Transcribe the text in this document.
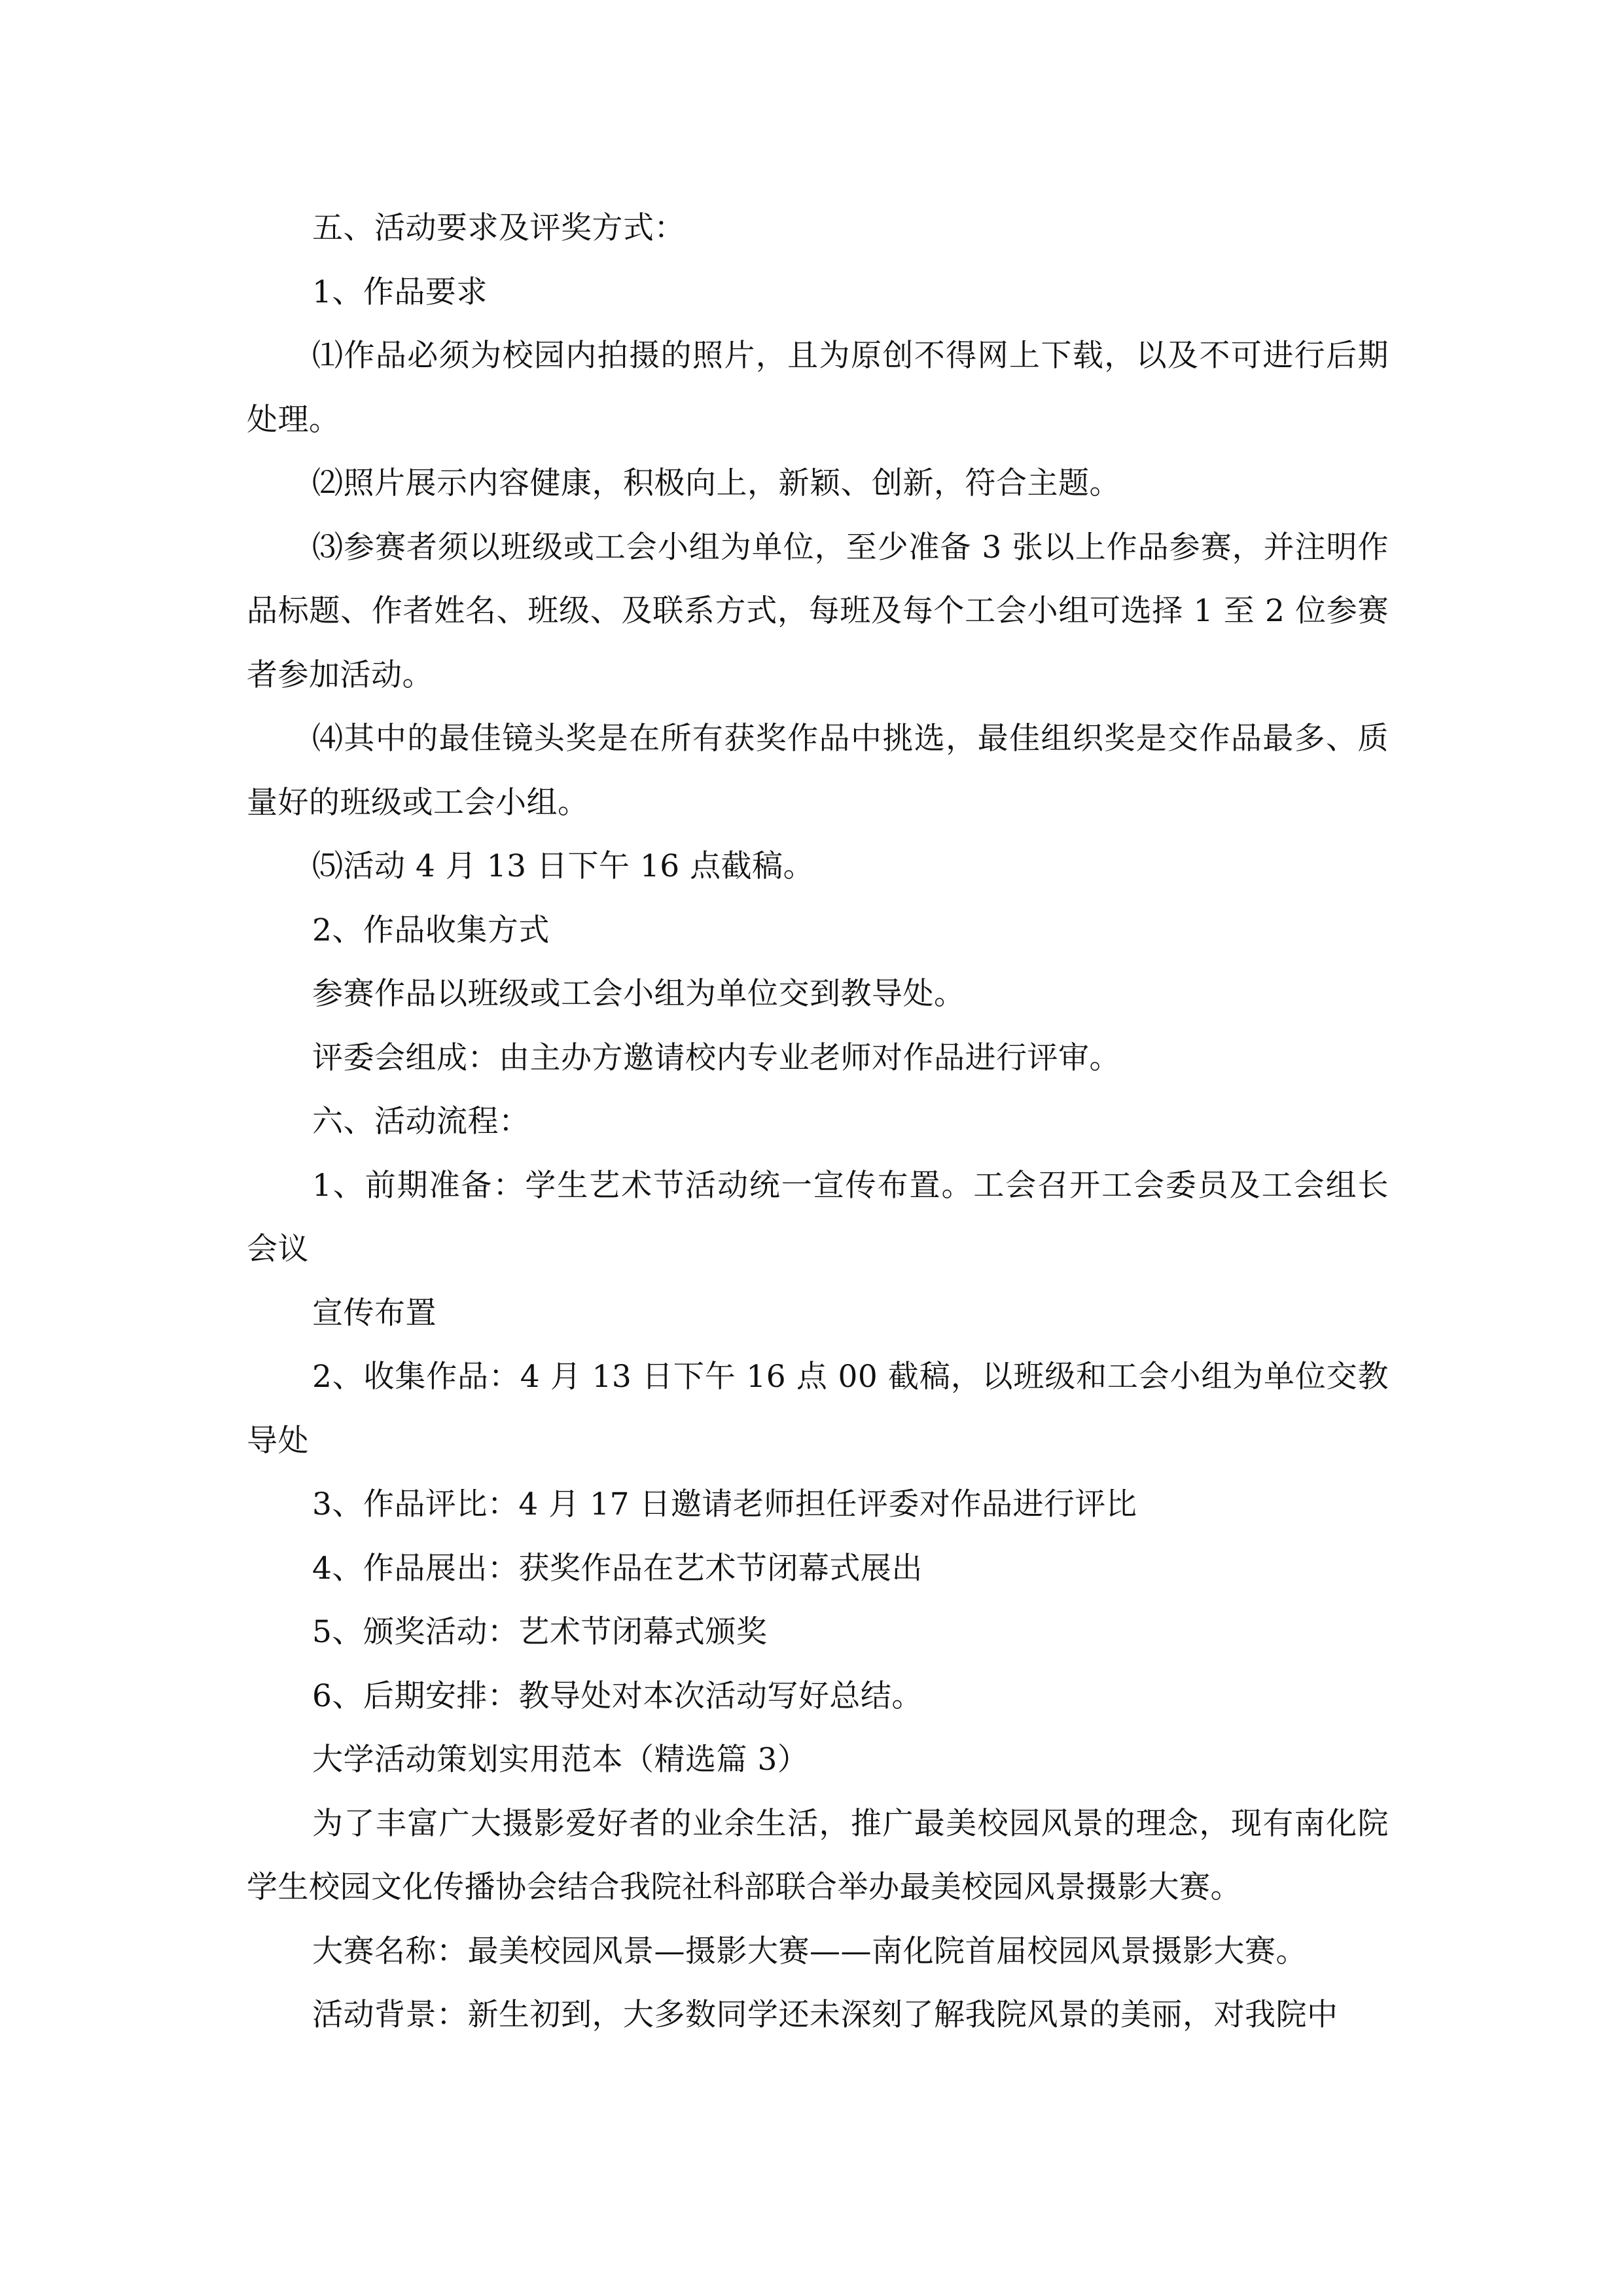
五、活动要求及评奖方式：

1、作品要求

⑴作品必须为校园内拍摄的照片，且为原创不得网上下载，以及不可进行后期处理。

⑵照片展示内容健康，积极向上，新颖、创新，符合主题。

⑶参赛者须以班级或工会小组为单位，至少准备 3 张以上作品参赛，并注明作品标题、作者姓名、班级、及联系方式，每班及每个工会小组可选择 1 至 2 位参赛者参加活动。

⑷其中的最佳镜头奖是在所有获奖作品中挑选，最佳组织奖是交作品最多、质量好的班级或工会小组。

⑸活动 4 月 13 日下午 16 点截稿。

2、作品收集方式

参赛作品以班级或工会小组为单位交到教导处。

评委会组成：由主办方邀请校内专业老师对作品进行评审。

六、活动流程：

1、前期准备：学生艺术节活动统一宣传布置。工会召开工会委员及工会组长会议

宣传布置

2、收集作品：4 月 13 日下午 16 点 00 截稿，以班级和工会小组为单位交教导处

3、作品评比：4 月 17 日邀请老师担任评委对作品进行评比

4、作品展出：获奖作品在艺术节闭幕式展出

5、颁奖活动：艺术节闭幕式颁奖

6、后期安排：教导处对本次活动写好总结。

大学活动策划实用范本（精选篇 3）

为了丰富广大摄影爱好者的业余生活，推广最美校园风景的理念，现有南化院学生校园文化传播协会结合我院社科部联合举办最美校园风景摄影大赛。

大赛名称：最美校园风景—摄影大赛——南化院首届校园风景摄影大赛。

活动背景：新生初到，大多数同学还未深刻了解我院风景的美丽，对我院中
